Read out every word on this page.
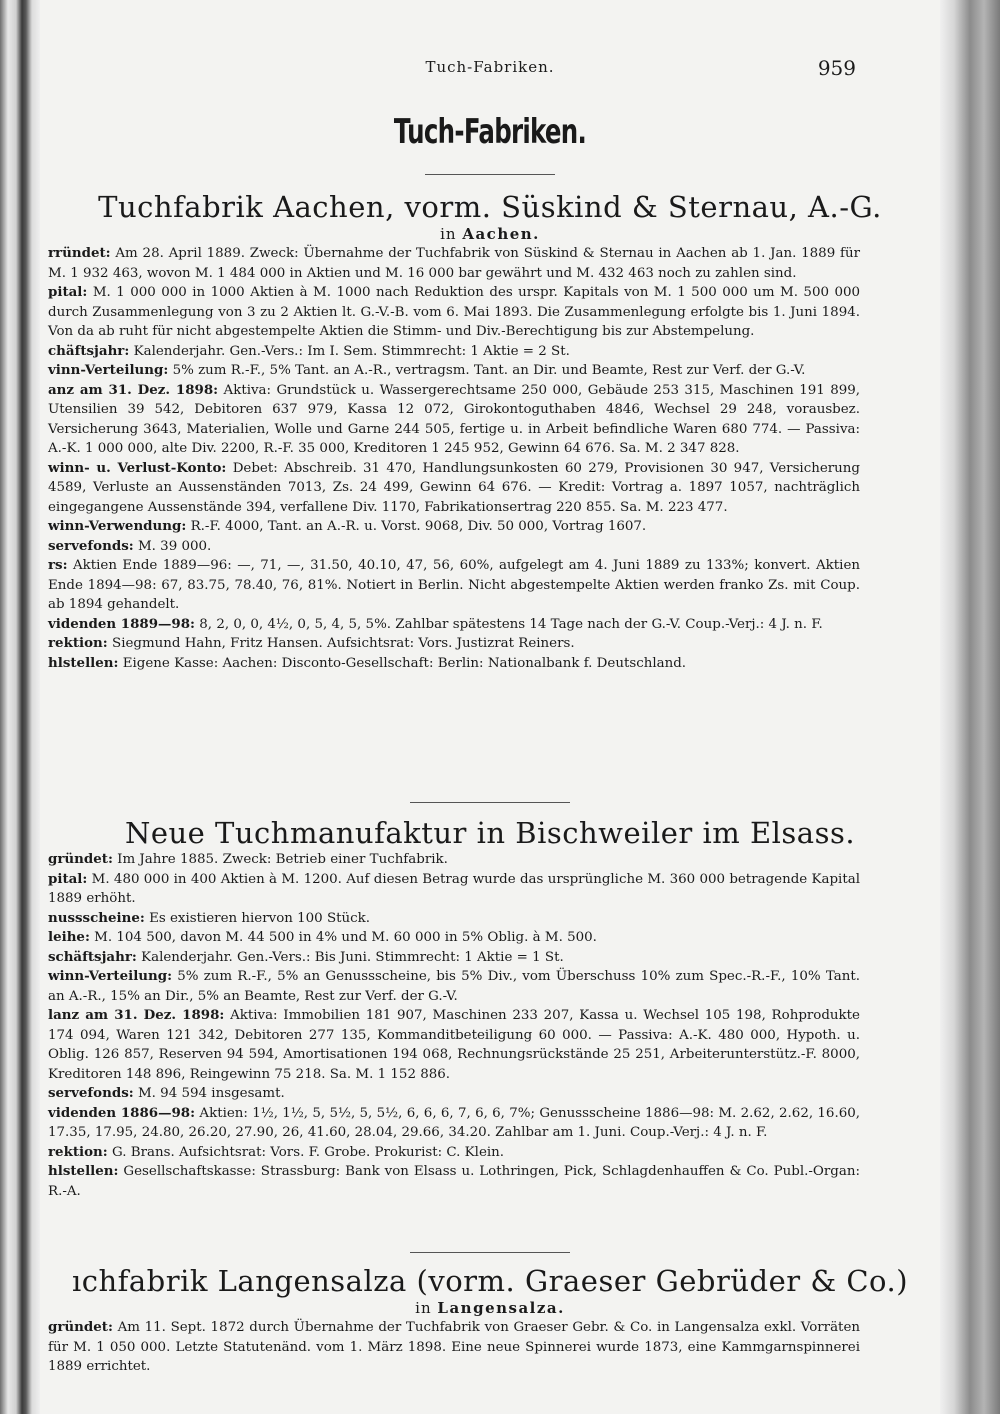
Tuch-Fabriken.	959
Tuch-Fabriken.
Tuchfabrik Aachen, vorm. Süskind & Sternau, A.-G.
in Aachen.

rründet: Am 28. April 1889. Zweck: Übernahme der Tuchfabrik von Süskind & Sternau in Aachen ab 1. Jan. 1889 für M. 1 932 463, wovon M. 1 484 000 in Aktien und M. 16 000 bar gewährt und M. 432 463 noch zu zahlen sind.

pital: M. 1 000 000 in 1000 Aktien à M. 1000 nach Reduktion des urspr. Kapitals von M. 1 500 000 um M. 500 000 durch Zusammenlegung von 3 zu 2 Aktien lt. G.-V.-B. vom 6. Mai 1893. Die Zusammenlegung erfolgte bis 1. Juni 1894. Von da ab ruht für nicht abgestempelte Aktien die Stimm- und Div.-Berechtigung bis zur Abstempelung.

chäftsjahr: Kalenderjahr. Gen.-Vers.: Im I. Sem. Stimmrecht: 1 Aktie = 2 St.

vinn-Verteilung: 5% zum R.-F., 5% Tant. an A.-R., vertragsm. Tant. an Dir. und Beamte, Rest zur Verf. der G.-V.

anz am 31. Dez. 1898: Aktiva: Grundstück u. Wassergerechtsame 250 000, Gebäude 253 315, Maschinen 191 899, Utensilien 39 542, Debitoren 637 979, Kassa 12 072, Girokontoguthaben 4846, Wechsel 29 248, vorausbez. Versicherung 3643, Materialien, Wolle und Garne 244 505, fertige u. in Arbeit befindliche Waren 680 774. — Passiva: A.-K. 1 000 000, alte Div. 2200, R.-F. 35 000, Kreditoren 1 245 952, Gewinn 64 676. Sa. M. 2 347 828.

winn- u. Verlust-Konto: Debet: Abschreib. 31 470, Handlungsunkosten 60 279, Provisionen 30 947, Versicherung 4589, Verluste an Aussenständen 7013, Zs. 24 499, Gewinn 64 676. — Kredit: Vortrag a. 1897 1057, nachträglich eingegangene Aussenstände 394, verfallene Div. 1170, Fabrikationsertrag 220 855. Sa. M. 223 477.

winn-Verwendung: R.-F. 4000, Tant. an A.-R. u. Vorst. 9068, Div. 50 000, Vortrag 1607.

servefonds: M. 39 000.

rs: Aktien Ende 1889—96: —, 71, —, 31.50, 40.10, 47, 56, 60%, aufgelegt am 4. Juni 1889 zu 133%; konvert. Aktien Ende 1894—98: 67, 83.75, 78.40, 76, 81%. Notiert in Berlin. Nicht abgestempelte Aktien werden franko Zs. mit Coup. ab 1894 gehandelt.

videnden 1889—98: 8, 2, 0, 0, 4½, 0, 5, 4, 5, 5%. Zahlbar spätestens 14 Tage nach der G.-V. Coup.-Verj.: 4 J. n. F.

rektion: Siegmund Hahn, Fritz Hansen. Aufsichtsrat: Vors. Justizrat Reiners.

hlstellen: Eigene Kasse: Aachen: Disconto-Gesellschaft: Berlin: Nationalbank f. Deutschland.

Neue Tuchmanufaktur in Bischweiler im Elsass.

gründet: Im Jahre 1885. Zweck: Betrieb einer Tuchfabrik.

pital: M. 480 000 in 400 Aktien à M. 1200. Auf diesen Betrag wurde das ursprüngliche M. 360 000 betragende Kapital 1889 erhöht.

nussscheine: Es existieren hiervon 100 Stück.

leihe: M. 104 500, davon M. 44 500 in 4% und M. 60 000 in 5% Oblig. à M. 500.

schäftsjahr: Kalenderjahr. Gen.-Vers.: Bis Juni. Stimmrecht: 1 Aktie = 1 St.

winn-Verteilung: 5% zum R.-F., 5% an Genussscheine, bis 5% Div., vom Überschuss 10% zum Spec.-R.-F., 10% Tant. an A.-R., 15% an Dir., 5% an Beamte, Rest zur Verf. der G.-V.

lanz am 31. Dez. 1898: Aktiva: Immobilien 181 907, Maschinen 233 207, Kassa u. Wechsel 105 198, Rohprodukte 174 094, Waren 121 342, Debitoren 277 135, Kommanditbeteiligung 60 000. — Passiva: A.-K. 480 000, Hypoth. u. Oblig. 126 857, Reserven 94 594, Amortisationen 194 068, Rechnungsrückstände 25 251, Arbeiterunterstütz.-F. 8000, Kreditoren 148 896, Reingewinn 75 218. Sa. M. 1 152 886.

servefonds: M. 94 594 insgesamt.

videnden 1886—98: Aktien: 1½, 1½, 5, 5½, 5, 5½, 6, 6, 6, 7, 6, 6, 7%; Genussscheine 1886—98: M. 2.62, 2.62, 16.60, 17.35, 17.95, 24.80, 26.20, 27.90, 26, 41.60, 28.04, 29.66, 34.20. Zahlbar am 1. Juni. Coup.-Verj.: 4 J. n. F.

rektion: G. Brans. Aufsichtsrat: Vors. F. Grobe. Prokurist: C. Klein.

hlstellen: Gesellschaftskasse: Strassburg: Bank von Elsass u. Lothringen, Pick, Schlagdenhauffen & Co. Publ.-Organ: R.-A.

ıchfabrik Langensalza (vorm. Graeser Gebrüder & Co.)
in Langensalza.

gründet: Am 11. Sept. 1872 durch Übernahme der Tuchfabrik von Graeser Gebr. & Co. in Langensalza exkl. Vorräten für M. 1 050 000. Letzte Statutenänd. vom 1. März 1898. Eine neue Spinnerei wurde 1873, eine Kammgarnspinnerei 1889 errichtet.
